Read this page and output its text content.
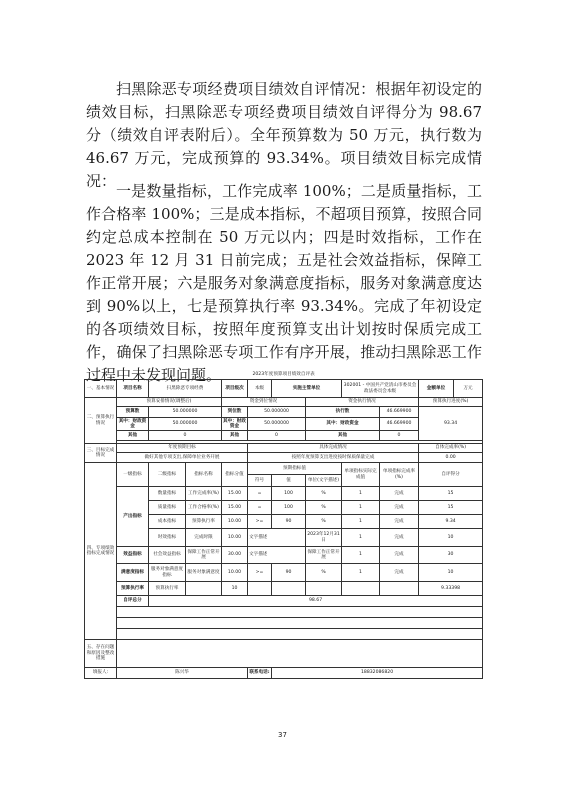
扫黑除恶专项经费项目绩效自评情况：根据年初设定的绩效目标，扫黑除恶专项经费项目绩效自评得分为 98.67 分（绩效自评表附后）。全年预算数为 50 万元，执行数为 46.67 万元，完成预算的 93.34%。项目绩效目标完成情况：
一是数量指标，工作完成率 100%；二是质量指标，工作合格率 100%；三是成本指标，不超项目预算，按照合同约定总成本控制在 50 万元以内；四是时效指标，工作在 2023 年 12 月 31 日前完成；五是社会效益指标，保障工作正常开展；六是服务对象满意度指标，服务对象满意度达到 90%以上，七是预算执行率 93.34%。完成了年初设定的各项绩效目标，按照年度预算支出计划按时保质完成工作，确保了扫黑除恶专项工作有序开展，推动扫黑除恶工作过程中未发现问题。	2023年度预算项目绩效自评表											
一、基本情况	项目名称	扫黑除恶专项经费		项目级次	本级	实施主管单位		302001 - 中国共产党清山市委员会政法委员会本级		金额单位	万元
二、预算执行情况	预算安排情况(调整后)			资金到位情况			资金执行情况			预算执行进度(%)	
	预算数	50.000000		到位数	50.000000		执行数		46.669900	93.34	
	其中：财政资金	50.000000		其中：财政资金	50.000000		其中：财政资金		46.669900		
	其他	0		其他	0		其他		0		

三、目标完成情况	年度预期目标				具体完成情况					自体完成率(%)	
	做好其他专项支出,保障单位业务开展				按照年度预算支出进度按时保质保量完成					0.00	
四、专项绩效指标完成情况	一级指标	二级指标	指标名称	指标分值	预期指标值			单项指标实际完成值	单项指标完成率(%)	自评得分	
					符号	值	单位(文字描述)				
	产出指标	数量指标	工作完成率(%)	15.00	=	100	%	1	完成	15	
		质量指标	工作合格率(%)	15.00	=	100	%	1	完成	15	
		成本指标	预算执行率	10.00	>=	90	%	1	完成	9.34	
		时效指标	完成时限	10.00	文字描述		2023年12月31日	1	完成	10	
	效益指标	社会效益指标	保障工作正常开展	30.00	文字描述		保障工作正常开展	1	完成	30	
	满意度指标	服务对象满意度指标	服务对象满意度	10.00	>=	90	%	1	完成	10	
	预算执行率	预算执行率		10						9.33398	
	自评总分	98.67									

五、存在问题和原因及整改措施											
填报人:	陈兴华				联系电话:	18832086820					
37
